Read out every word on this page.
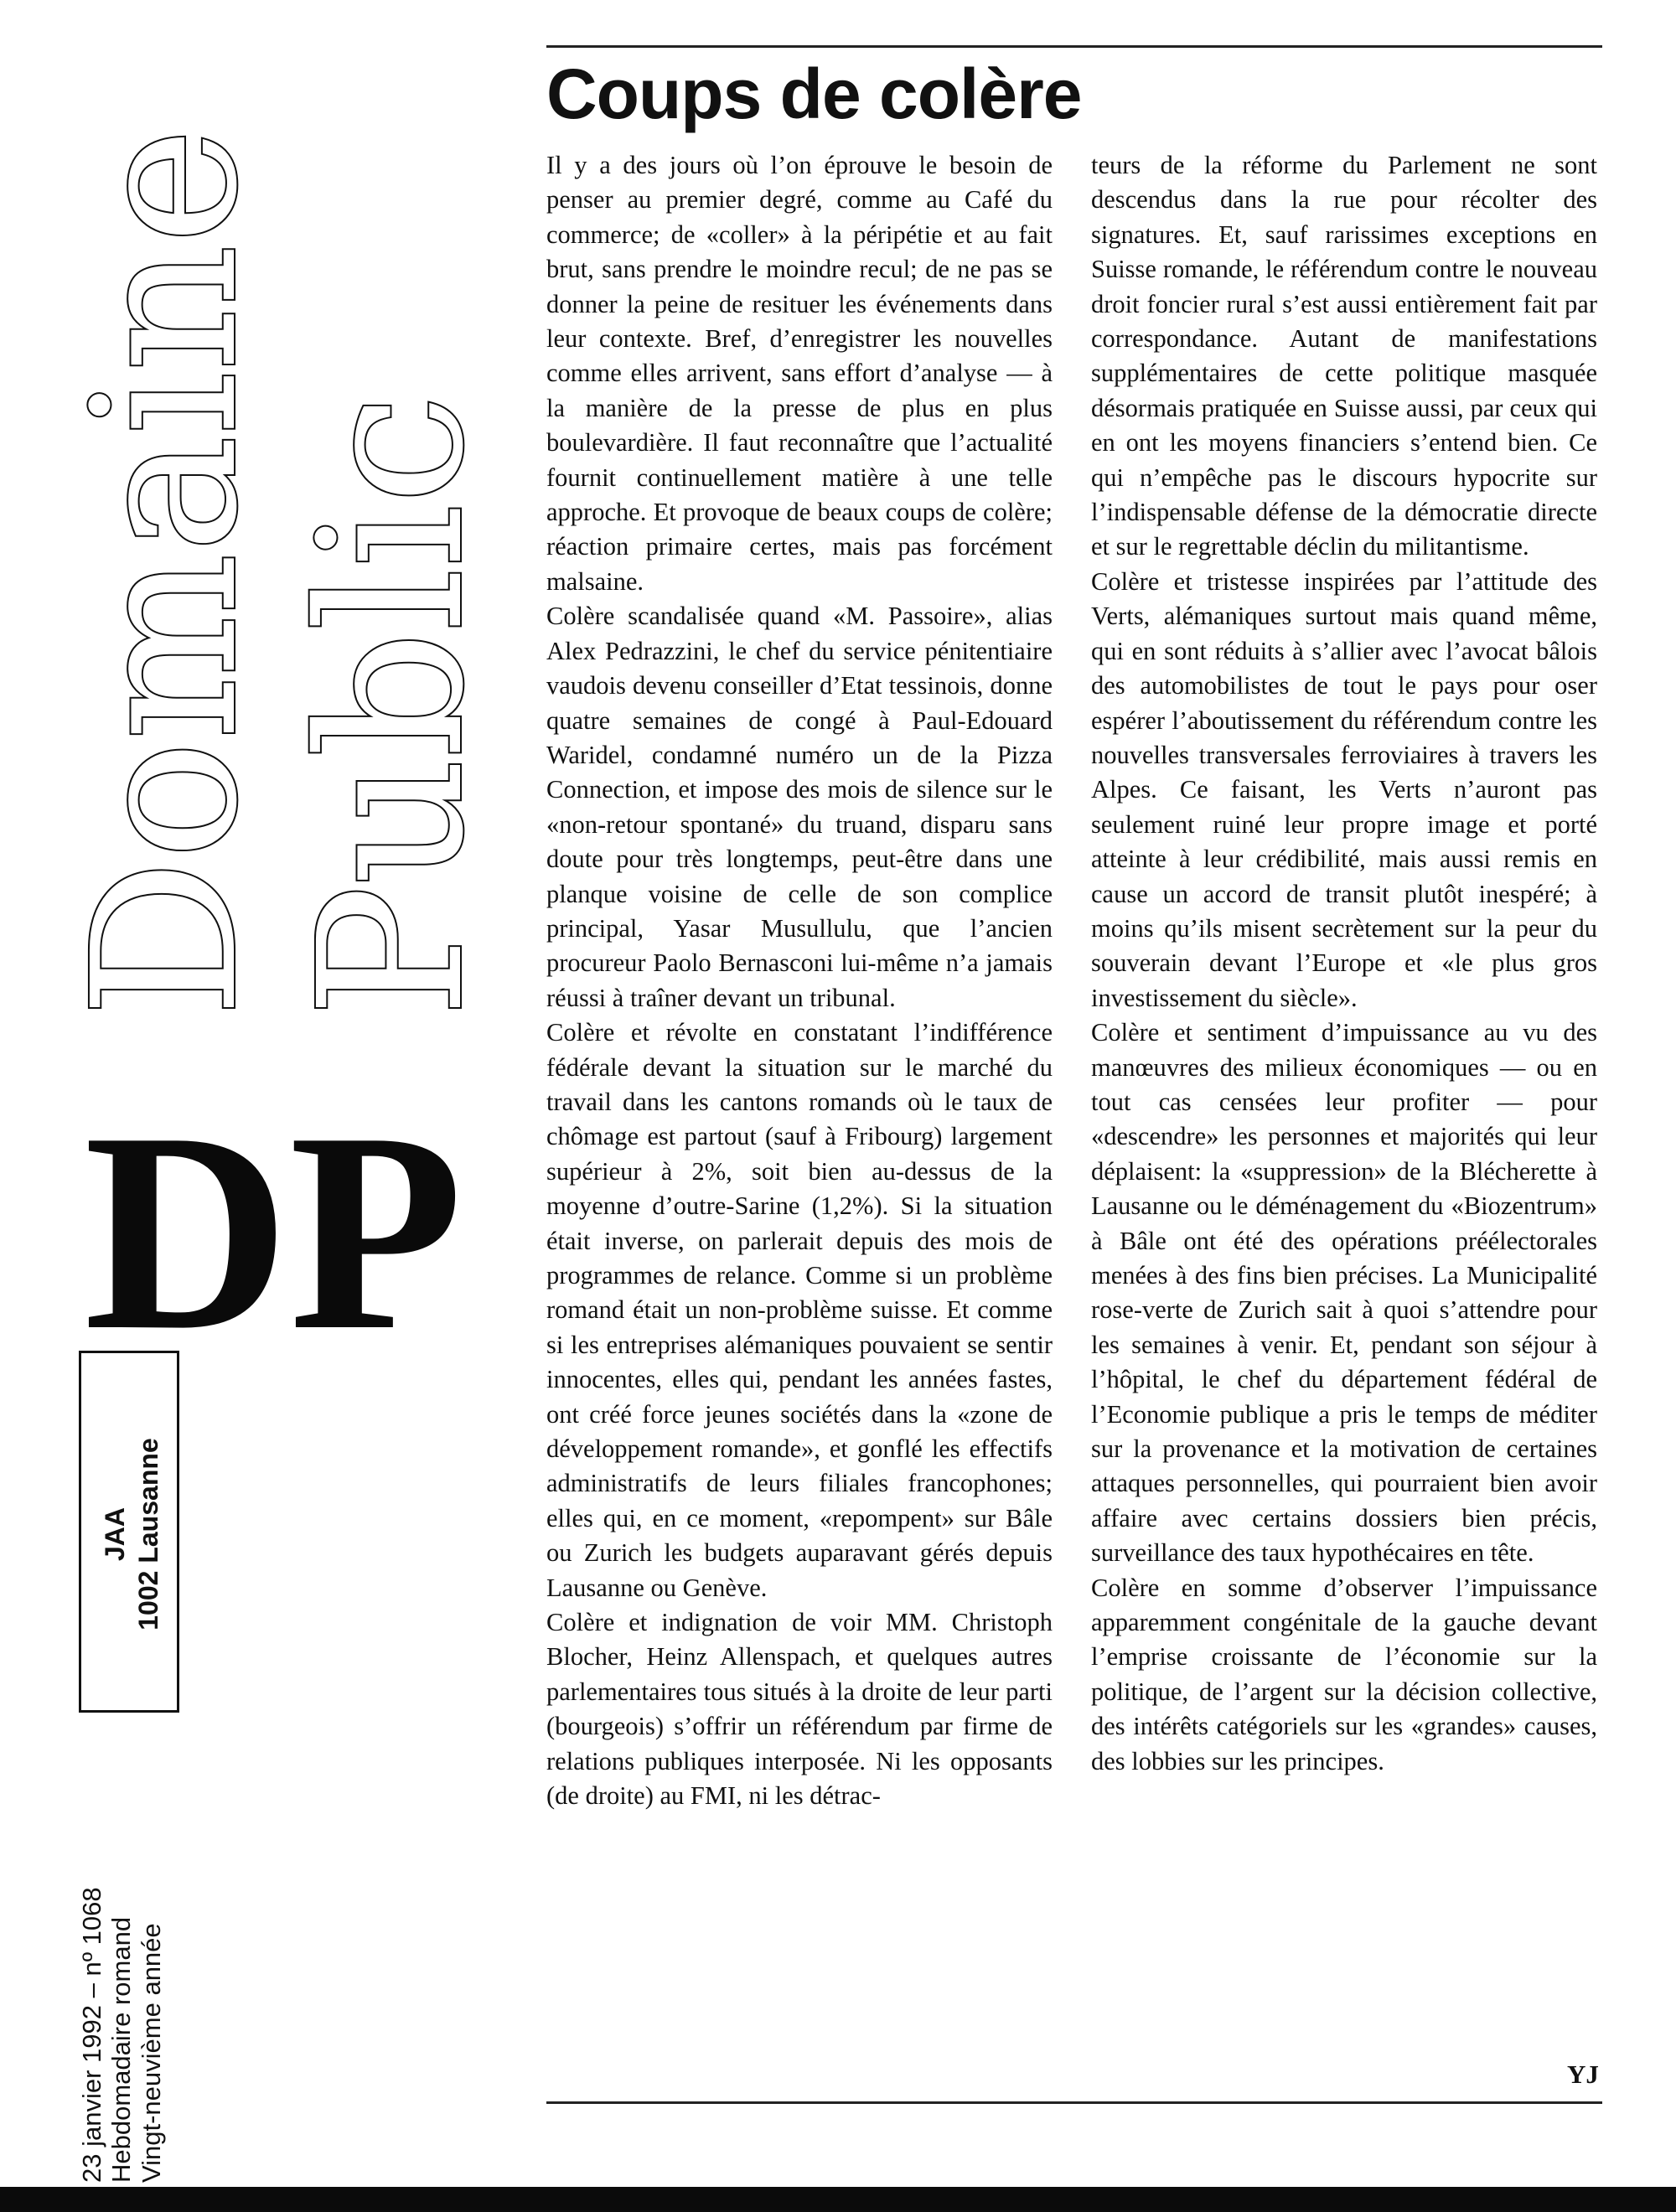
Domaine
Public
D P
JAA 1002 Lausanne
23 janvier 1992 – nº 1068 Hebdomadaire romand Vingt-neuvième année
Coups de colère

Il y a des jours où l’on éprouve le besoin de penser au premier degré, comme au Café du commerce; de «coller» à la péripétie et au fait brut, sans prendre le moindre recul; de ne pas se donner la peine de resituer les événements dans leur contexte. Bref, d’enregistrer les nouvelles comme elles arrivent, sans effort d’analyse — à la manière de la presse de plus en plus boulevardière. Il faut reconnaître que l’actualité fournit continuellement matière à une telle approche. Et provoque de beaux coups de colère; réaction primaire certes, mais pas forcément malsaine.

Colère scandalisée quand «M. Passoire», alias Alex Pedrazzini, le chef du service pénitentiaire vaudois devenu conseiller d’Etat tessinois, donne quatre semaines de congé à Paul-Edouard Waridel, condamné numéro un de la Pizza Connection, et impose des mois de silence sur le «non-retour spontané» du truand, disparu sans doute pour très longtemps, peut-être dans une planque voisine de celle de son complice principal, Yasar Musullulu, que l’ancien procureur Paolo Bernasconi lui-même n’a jamais réussi à traîner devant un tribunal.

Colère et révolte en constatant l’indifférence fédérale devant la situation sur le marché du travail dans les cantons romands où le taux de chômage est partout (sauf à Fribourg) largement supérieur à 2%, soit bien au-dessus de la moyenne d’outre-Sarine (1,2%). Si la situation était inverse, on parlerait depuis des mois de programmes de relance. Comme si un problème romand était un non-problème suisse. Et comme si les entreprises alémaniques pouvaient se sentir innocentes, elles qui, pendant les années fastes, ont créé force jeunes sociétés dans la «zone de développement romande», et gonflé les effectifs administratifs de leurs filiales francophones; elles qui, en ce moment, «repompent» sur Bâle ou Zurich les budgets auparavant gérés depuis Lausanne ou Genève.

Colère et indignation de voir MM. Christoph Blocher, Heinz Allenspach, et quelques autres parlementaires tous situés à la droite de leur parti (bourgeois) s’offrir un référendum par firme de relations publiques interposée. Ni les opposants (de droite) au FMI, ni les détrac-

teurs de la réforme du Parlement ne sont descendus dans la rue pour récolter des signatures. Et, sauf rarissimes exceptions en Suisse romande, le référendum contre le nouveau droit foncier rural s’est aussi entièrement fait par correspondance. Autant de manifestations supplémentaires de cette politique masquée désormais pratiquée en Suisse aussi, par ceux qui en ont les moyens financiers s’entend bien. Ce qui n’empêche pas le discours hypocrite sur l’indispensable défense de la démocratie directe et sur le regrettable déclin du militantisme.

Colère et tristesse inspirées par l’attitude des Verts, alémaniques surtout mais quand même, qui en sont réduits à s’allier avec l’avocat bâlois des automobilistes de tout le pays pour oser espérer l’aboutissement du référendum contre les nouvelles transversales ferroviaires à travers les Alpes. Ce faisant, les Verts n’auront pas seulement ruiné leur propre image et porté atteinte à leur crédibilité, mais aussi remis en cause un accord de transit plutôt inespéré; à moins qu’ils misent secrètement sur la peur du souverain devant l’Europe et «le plus gros investissement du siècle».

Colère et sentiment d’impuissance au vu des manœuvres des milieux économiques — ou en tout cas censées leur profiter — pour «descendre» les personnes et majorités qui leur déplaisent: la «suppression» de la Blécherette à Lausanne ou le déménagement du «Biozentrum» à Bâle ont été des opérations préélectorales menées à des fins bien précises. La Municipalité rose-verte de Zurich sait à quoi s’attendre pour les semaines à venir. Et, pendant son séjour à l’hôpital, le chef du département fédéral de l’Economie publique a pris le temps de méditer sur la provenance et la motivation de certaines attaques personnelles, qui pourraient bien avoir affaire avec certains dossiers bien précis, surveillance des taux hypothécaires en tête.

Colère en somme d’observer l’impuissance apparemment congénitale de la gauche devant l’emprise croissante de l’économie sur la politique, de l’argent sur la décision collective, des intérêts catégoriels sur les «grandes» causes, des lobbies sur les principes.

YJ
